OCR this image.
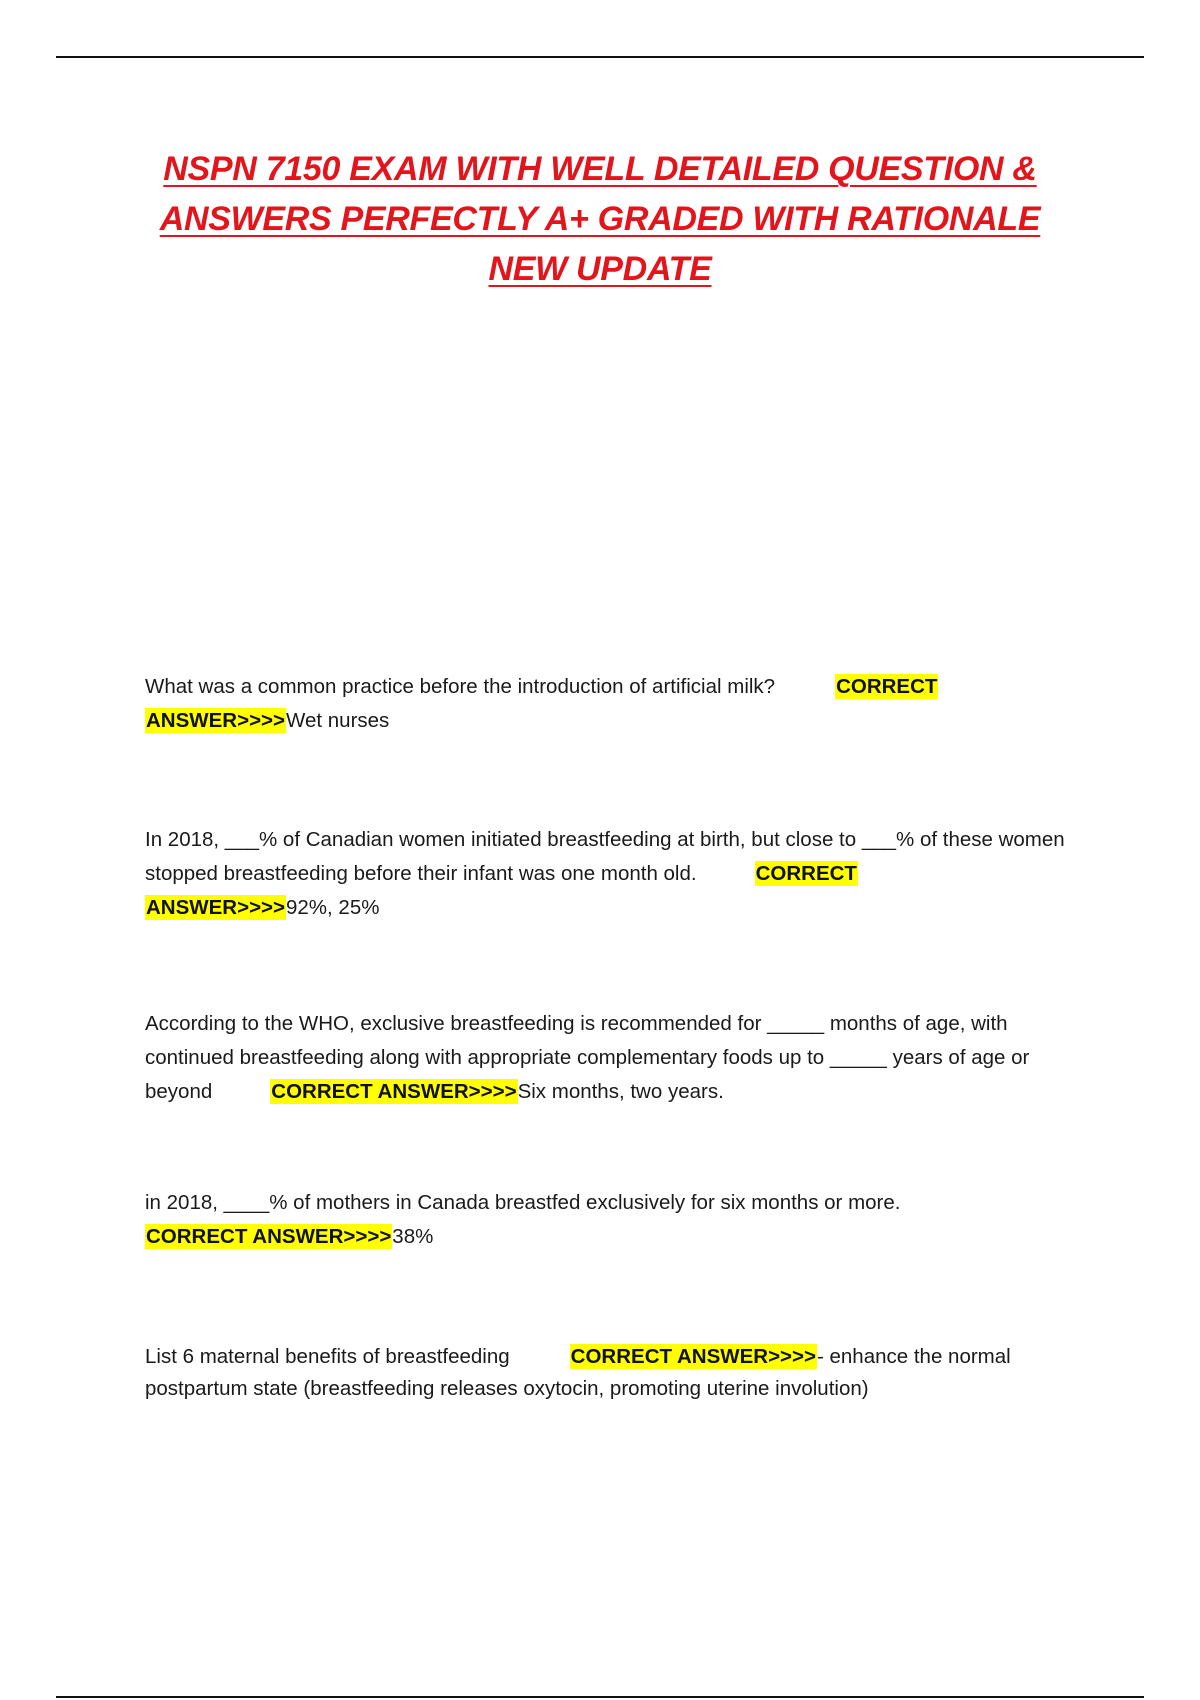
NSPN 7150 EXAM WITH WELL DETAILED QUESTION &
ANSWERS PERFECTLY A+ GRADED WITH RATIONALE
NEW UPDATE

What was a common practice before the introduction of artificial milk?	CORRECT
ANSWER>>>>Wet nurses

In 2018, ___% of Canadian women initiated breastfeeding at birth, but close to ___% of these women stopped breastfeeding before their infant was one month old.	CORRECT
ANSWER>>>>92%, 25%

According to the WHO, exclusive breastfeeding is recommended for _____ months of age, with continued breastfeeding along with appropriate complementary foods up to _____ years of age or beyond	CORRECT ANSWER>>>>Six months, two years.

in 2018, ____% of mothers in Canada breastfed exclusively for six months or more.
CORRECT ANSWER>>>>38%

List 6 maternal benefits of breastfeeding	CORRECT ANSWER>>>>- enhance the normal postpartum state (breastfeeding releases oxytocin, promoting uterine involution)
